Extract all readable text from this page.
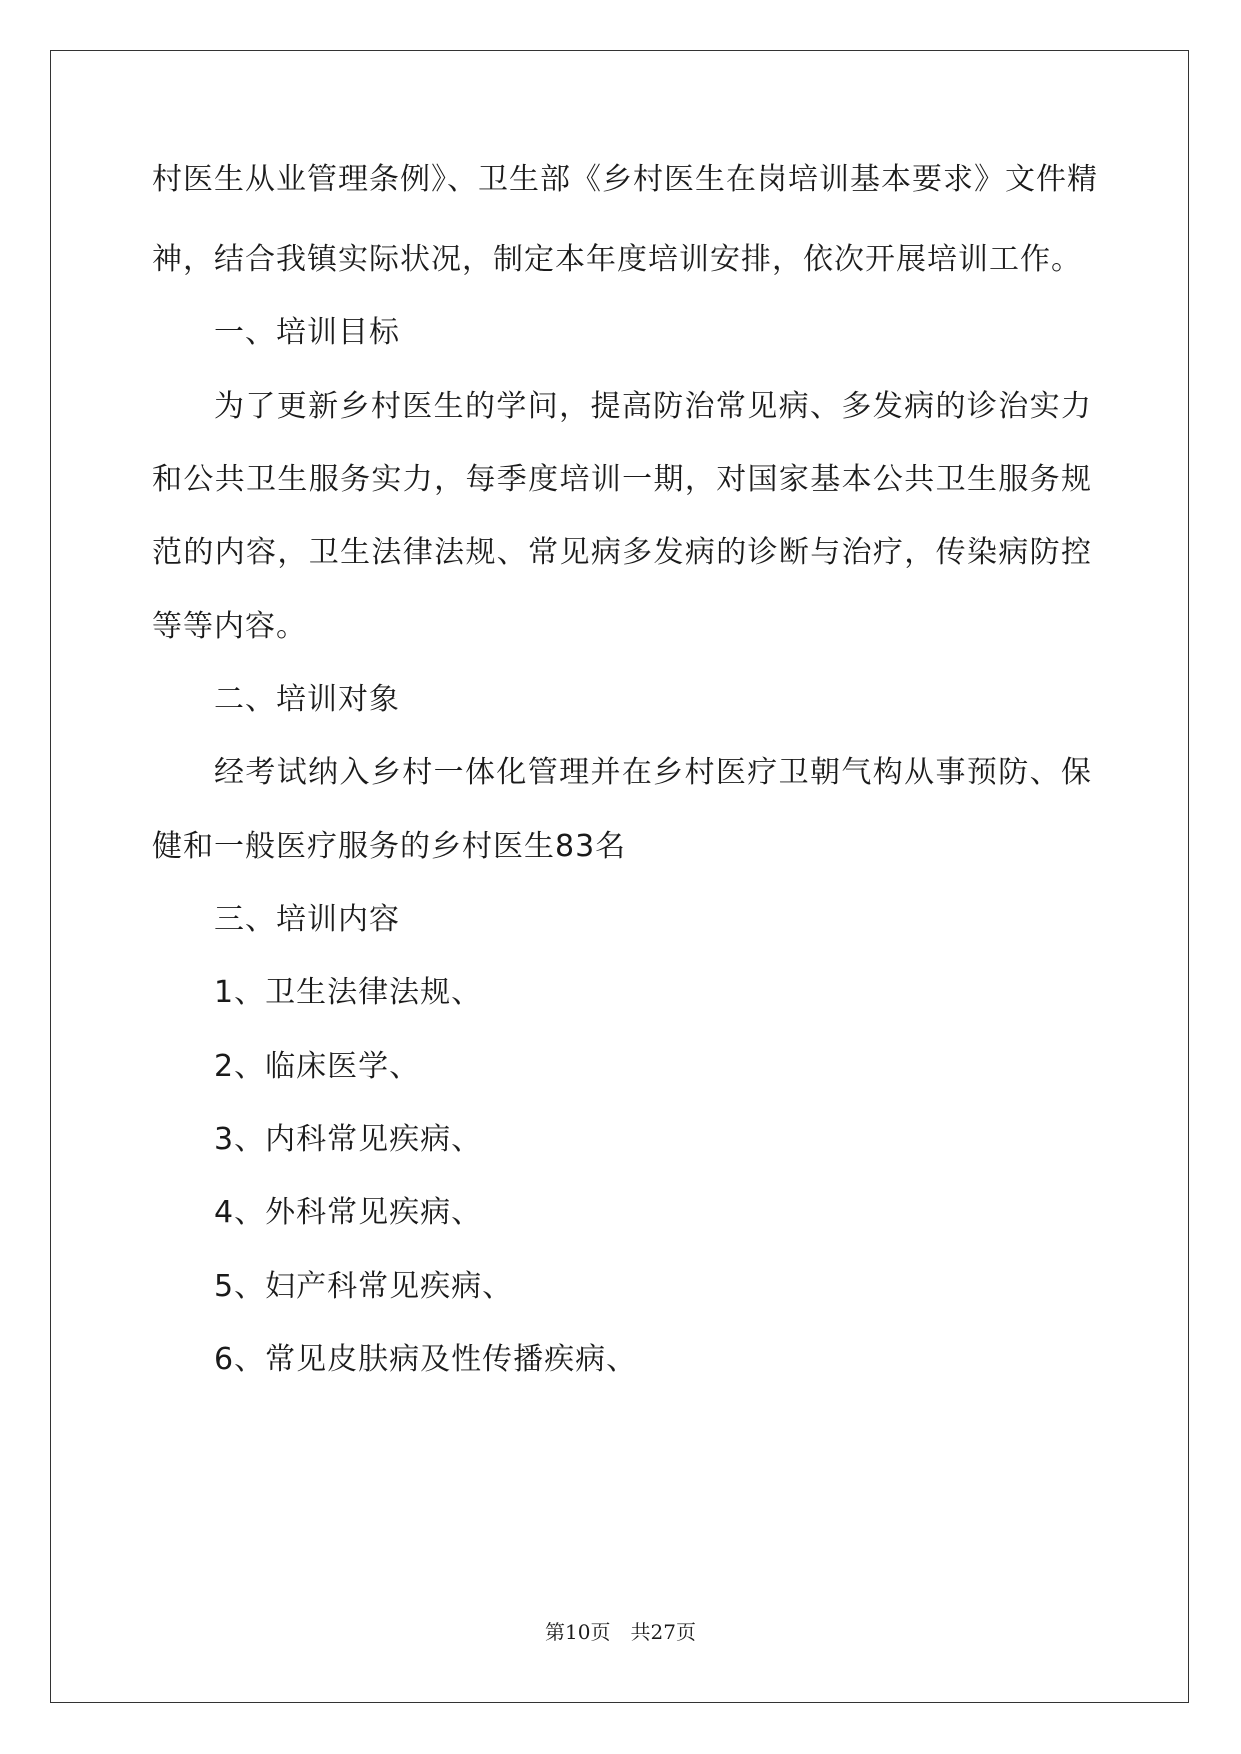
村医生从业管理条例》、卫生部《乡村医生在岗培训基本要求》文件精
神，结合我镇实际状况，制定本年度培训安排，依次开展培训工作。
一、培训目标
为了更新乡村医生的学问，提高防治常见病、多发病的诊治实力
和公共卫生服务实力，每季度培训一期，对国家基本公共卫生服务规
范的内容，卫生法律法规、常见病多发病的诊断与治疗，传染病防控
等等内容。
二、培训对象
经考试纳入乡村一体化管理并在乡村医疗卫朝气构从事预防、保
健和一般医疗服务的乡村医生83名
三、培训内容
1、卫生法律法规、
2、临床医学、
3、内科常见疾病、
4、外科常见疾病、
5、妇产科常见疾病、
6、常见皮肤病及性传播疾病、
第10页 共27页
